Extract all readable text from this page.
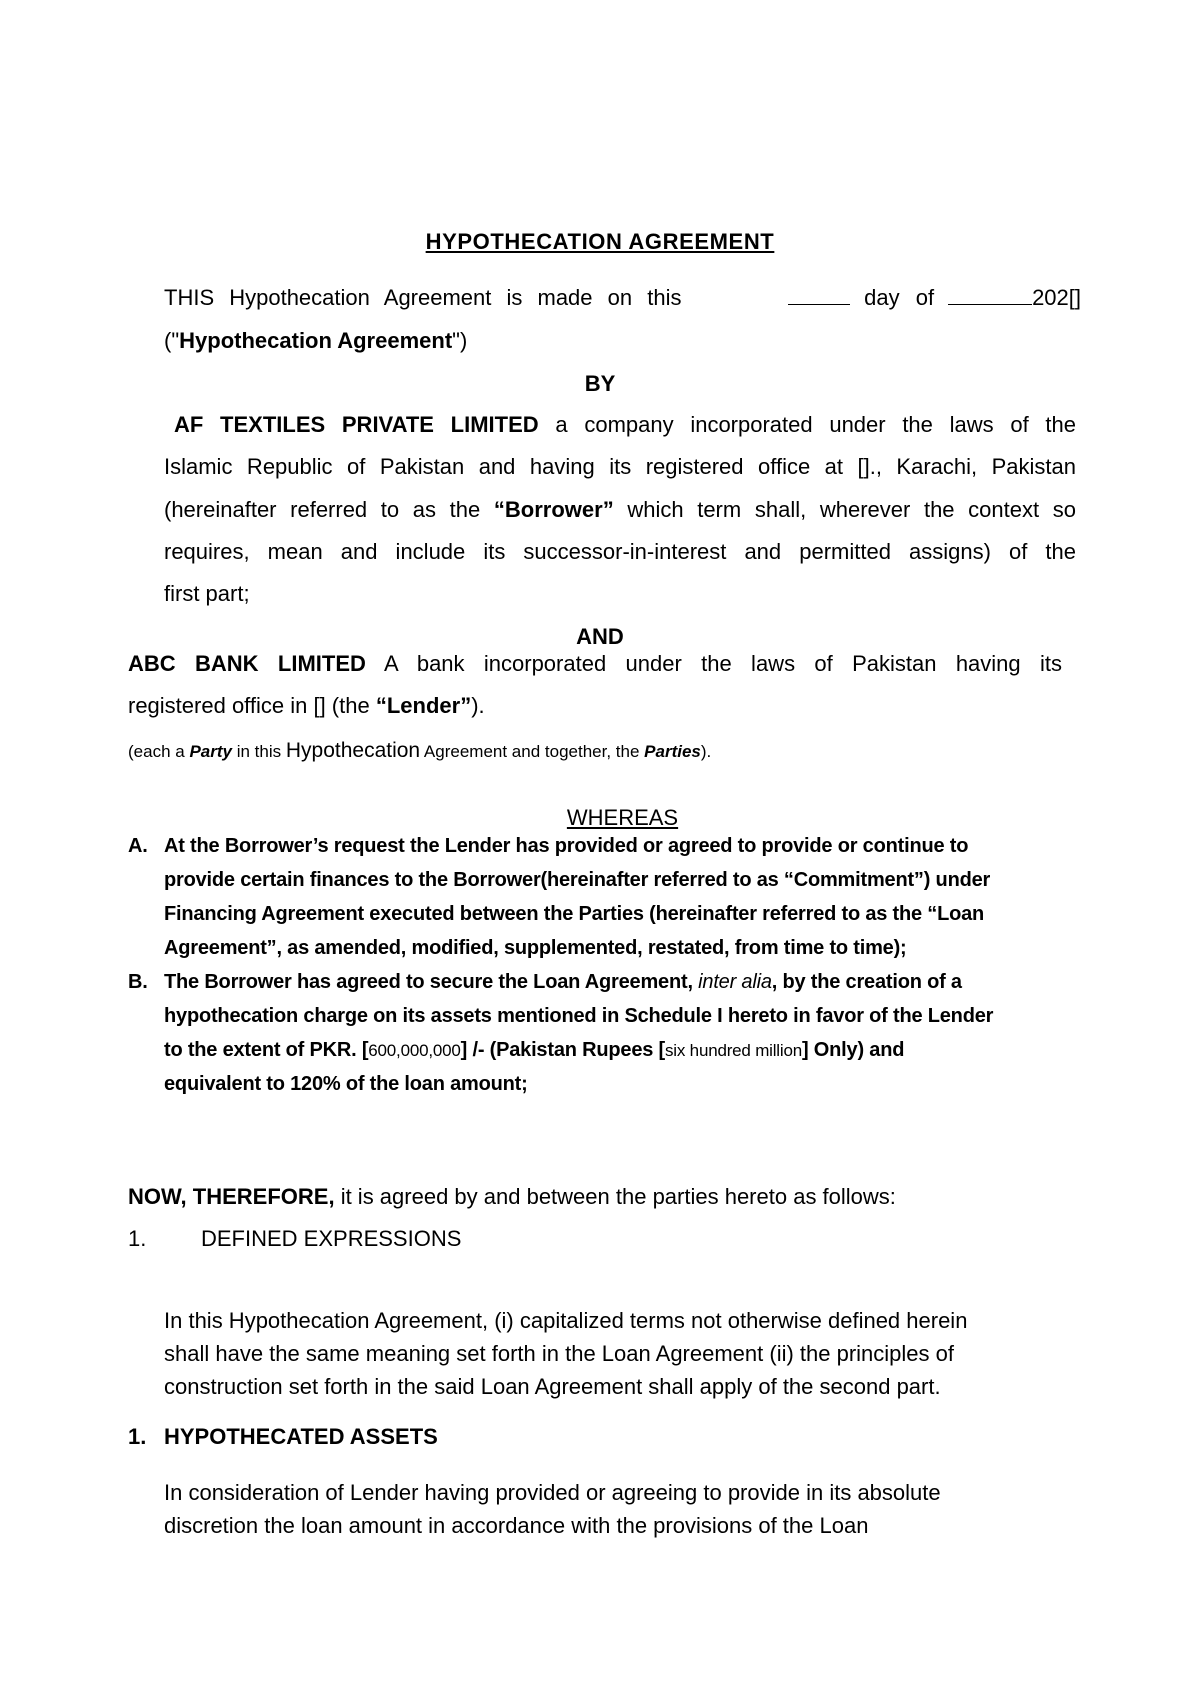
HYPOTHECATION AGREEMENT
THIS Hypothecation Agreement is made on this	day of	202[]
("Hypothecation Agreement")
BY
AF TEXTILES PRIVATE LIMITED a company incorporated under the laws of the
Islamic Republic of Pakistan and having its registered office at []., Karachi, Pakistan
(hereinafter referred to as the “Borrower” which term shall, wherever the context so
requires, mean and include its successor-in-interest and permitted assigns) of the
first part;
AND
ABC BANK LIMITED A bank incorporated under the laws of Pakistan having its
registered office in [] (the “Lender”).
(each a Party in this Hypothecation Agreement and together, the Parties).
WHEREAS
A. At the Borrower’s request the Lender has provided or agreed to provide or continue to
provide certain finances to the Borrower(hereinafter referred to as “Commitment”) under
Financing Agreement executed between the Parties (hereinafter referred to as the “Loan
Agreement”, as amended, modified, supplemented, restated, from time to time);
B. The Borrower has agreed to secure the Loan Agreement, inter alia, by the creation of a
hypothecation charge on its assets mentioned in Schedule I hereto in favor of the Lender
to the extent of PKR. [600,000,000] /- (Pakistan Rupees [six hundred million] Only) and
equivalent to 120% of the loan amount;
NOW, THEREFORE, it is agreed by and between the parties hereto as follows:
1. DEFINED EXPRESSIONS
In this Hypothecation Agreement, (i) capitalized terms not otherwise defined herein
shall have the same meaning set forth in the Loan Agreement (ii) the principles of
construction set forth in the said Loan Agreement shall apply of the second part.
1. HYPOTHECATED ASSETS
In consideration of Lender having provided or agreeing to provide in its absolute
discretion the loan amount in accordance with the provisions of the Loan
